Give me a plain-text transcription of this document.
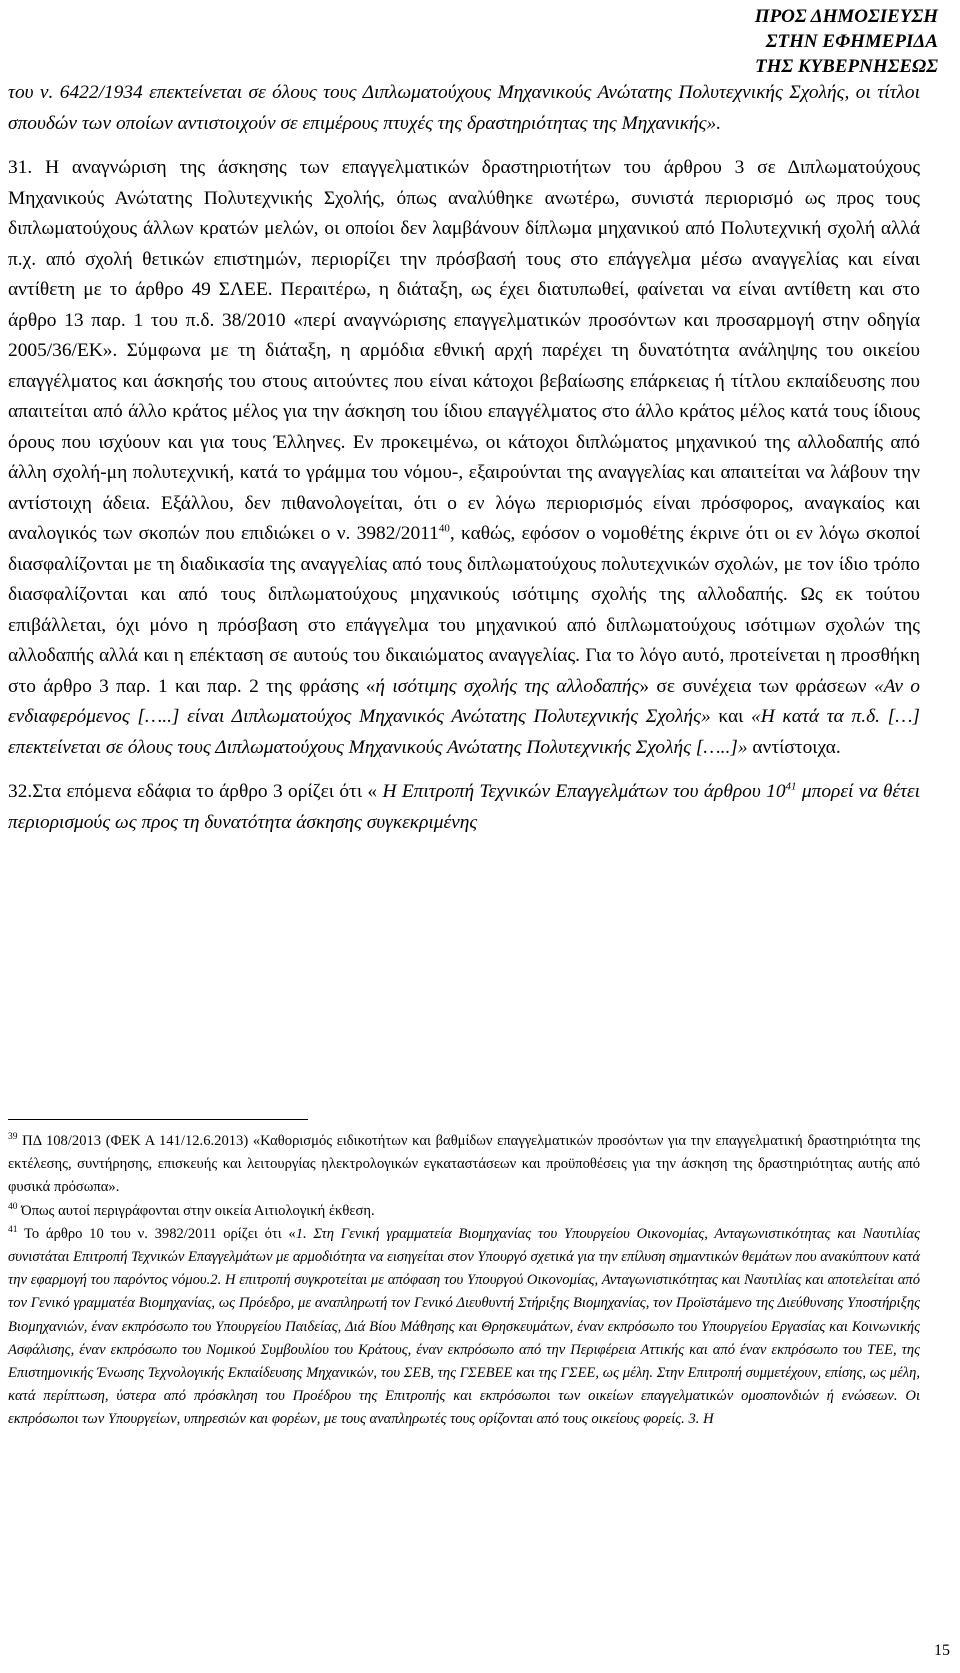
ΠΡΟΣ ΔΗΜΟΣΙΕΥΣΗ
ΣΤΗΝ ΕΦΗΜΕΡΙΔΑ
ΤΗΣ ΚΥΒΕΡΝΗΣΕΩΣ

του ν. 6422/1934 επεκτείνεται σε όλους τους Διπλωματούχους Μηχανικούς Ανώτατης Πολυτεχνικής Σχολής, οι τίτλοι σπουδών των οποίων αντιστοιχούν σε επιμέρους πτυχές της δραστηριότητας της Μηχανικής».

31. Η αναγνώριση της άσκησης των επαγγελματικών δραστηριοτήτων του άρθρου 3 σε Διπλωματούχους Μηχανικούς Ανώτατης Πολυτεχνικής Σχολής, όπως αναλύθηκε ανωτέρω, συνιστά περιορισμό ως προς τους διπλωματούχους άλλων κρατών μελών, οι οποίοι δεν λαμβάνουν δίπλωμα μηχανικού από Πολυτεχνική σχολή αλλά π.χ. από σχολή θετικών επιστημών, περιορίζει την πρόσβασή τους στο επάγγελμα μέσω αναγγελίας και είναι αντίθετη με το άρθρο 49 ΣΛΕΕ. Περαιτέρω, η διάταξη, ως έχει διατυπωθεί, φαίνεται να είναι αντίθετη και στο άρθρο 13 παρ. 1 του π.δ. 38/2010 «περί αναγνώρισης επαγγελματικών προσόντων και προσαρμογή στην οδηγία 2005/36/ΕΚ». Σύμφωνα με τη διάταξη, η αρμόδια εθνική αρχή παρέχει τη δυνατότητα ανάληψης του οικείου επαγγέλματος και άσκησής του στους αιτούντες που είναι κάτοχοι βεβαίωσης επάρκειας ή τίτλου εκπαίδευσης που απαιτείται από άλλο κράτος μέλος για την άσκηση του ίδιου επαγγέλματος στο άλλο κράτος μέλος κατά τους ίδιους όρους που ισχύουν και για τους Έλληνες. Εν προκειμένω, οι κάτοχοι διπλώματος μηχανικού της αλλοδαπής από άλλη σχολή-μη πολυτεχνική, κατά το γράμμα του νόμου-, εξαιρούνται της αναγγελίας και απαιτείται να λάβουν την αντίστοιχη άδεια. Εξάλλου, δεν πιθανολογείται, ότι ο εν λόγω περιορισμός είναι πρόσφορος, αναγκαίος και αναλογικός των σκοπών που επιδιώκει ο ν. 3982/2011$^{40}$, καθώς, εφόσον ο νομοθέτης έκρινε ότι οι εν λόγω σκοποί διασφαλίζονται με τη διαδικασία της αναγγελίας από τους διπλωματούχους πολυτεχνικών σχολών, με τον ίδιο τρόπο διασφαλίζονται και από τους διπλωματούχους μηχανικούς ισότιμης σχολής της αλλοδαπής. Ως εκ τούτου επιβάλλεται, όχι μόνο η πρόσβαση στο επάγγελμα του μηχανικού από διπλωματούχους ισότιμων σχολών της αλλοδαπής αλλά και η επέκταση σε αυτούς του δικαιώματος αναγγελίας. Για το λόγο αυτό, προτείνεται η προσθήκη στο άρθρο 3 παρ. 1 και παρ. 2 της φράσης «ή ισότιμης σχολής της αλλοδαπής» σε συνέχεια των φράσεων «Αν ο ενδιαφερόμενος […..] είναι Διπλωματούχος Μηχανικός Ανώτατης Πολυτεχνικής Σχολής» και «Η κατά τα π.δ. […] επεκτείνεται σε όλους τους Διπλωματούχους Μηχανικούς Ανώτατης Πολυτεχνικής Σχολής […..]» αντίστοιχα.

32.Στα επόμενα εδάφια το άρθρο 3 ορίζει ότι « Η Επιτροπή Τεχνικών Επαγγελμάτων του άρθρου $10^{41}$ μπορεί να θέτει περιορισμούς ως προς τη δυνατότητα άσκησης συγκεκριμένης

$^{39}$ ΠΔ 108/2013 (ΦΕΚ Α 141/12.6.2013) «Καθορισμός ειδικοτήτων και βαθμίδων επαγγελματικών προσόντων για την επαγγελματική δραστηριότητα της εκτέλεσης, συντήρησης, επισκευής και λειτουργίας ηλεκτρολογικών εγκαταστάσεων και προϋποθέσεις για την άσκηση της δραστηριότητας αυτής από φυσικά πρόσωπα».

$^{40}$ Όπως αυτοί περιγράφονται στην οικεία Αιτιολογική έκθεση.

$^{41}$ Το άρθρο 10 του ν. 3982/2011 ορίζει ότι «1. Στη Γενική γραμματεία Βιομηχανίας του Υπουργείου Οικονομίας, Ανταγωνιστικότητας και Ναυτιλίας συνιστάται Επιτροπή Τεχνικών Επαγγελμάτων με αρμοδιότητα να εισηγείται στον Υπουργό σχετικά για την επίλυση σημαντικών θεμάτων που ανακύπτουν κατά την εφαρμογή του παρόντος νόμου.2. Η επιτροπή συγκροτείται με απόφαση του Υπουργού Οικονομίας, Ανταγωνιστικότητας και Ναυτιλίας και αποτελείται από τον Γενικό γραμματέα Βιομηχανίας, ως Πρόεδρο, με αναπληρωτή τον Γενικό Διευθυντή Στήριξης Βιομηχανίας, τον Προϊστάμενο της Διεύθυνσης Υποστήριξης Βιομηχανιών, έναν εκπρόσωπο του Υπουργείου Παιδείας, Διά Βίου Μάθησης και Θρησκευμάτων, έναν εκπρόσωπο του Υπουργείου Εργασίας και Κοινωνικής Ασφάλισης, έναν εκπρόσωπο του Νομικού Συμβουλίου του Κράτους, έναν εκπρόσωπο από την Περιφέρεια Αττικής και από έναν εκπρόσωπο του ΤΕΕ, της Επιστημονικής Ένωσης Τεχνολογικής Εκπαίδευσης Μηχανικών, του ΣΕΒ, της ΓΣΕΒΕΕ και της ΓΣΕΕ, ως μέλη. Στην Επιτροπή συμμετέχουν, επίσης, ως μέλη, κατά περίπτωση, ύστερα από πρόσκληση του Προέδρου της Επιτροπής και εκπρόσωποι των οικείων επαγγελματικών ομοσπονδιών ή ενώσεων. Οι εκπρόσωποι των Υπουργείων, υπηρεσιών και φορέων, με τους αναπληρωτές τους ορίζονται από τους οικείους φορείς. 3. Η

15
